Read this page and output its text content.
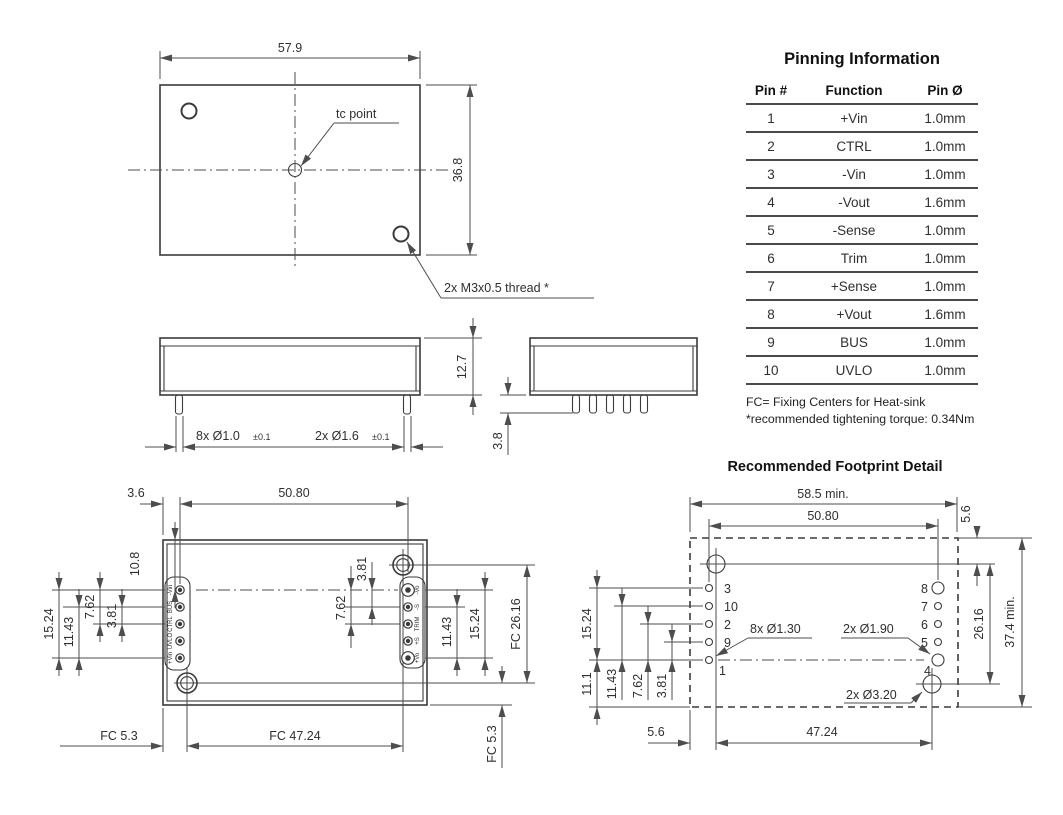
57.9
36.8
tc point
2x M3x0.5 thread *
12.7
8x Ø1.0 ±0.1	2x Ø1.6 ±0.1	3.8
-Vin
BUS
CTRL
UVLO
+Vin
-Vo
-S
TRIM
+S
+Vo
3.6	50.80
15.24 11.43
7.62 3.81
10.8	3.81
7.62
11.43 15.24 FC 26.16
FC 5.3	FC 47.24	FC 5.3
3
10
2
9
1
8
7
6
5
4
58.5 min.
50.80	5.6
26.16 37.4 min.
15.24
11.1 11.43 7.62 3.81
5.6	47.24
8x Ø1.30	2x Ø1.90
2x Ø3.20
Pinning Information
Pin #	Function	Pin Ø
1	+Vin	1.0mm
2	CTRL	1.0mm
3	-Vin	1.0mm
4	-Vout	1.6mm
5	-Sense	1.0mm
6	Trim	1.0mm
7	+Sense	1.0mm
8	+Vout	1.6mm
9	BUS	1.0mm
10	UVLO	1.0mm
FC= Fixing Centers for Heat-sink
*recommended tightening torque: 0.34Nm
Recommended Footprint Detail
